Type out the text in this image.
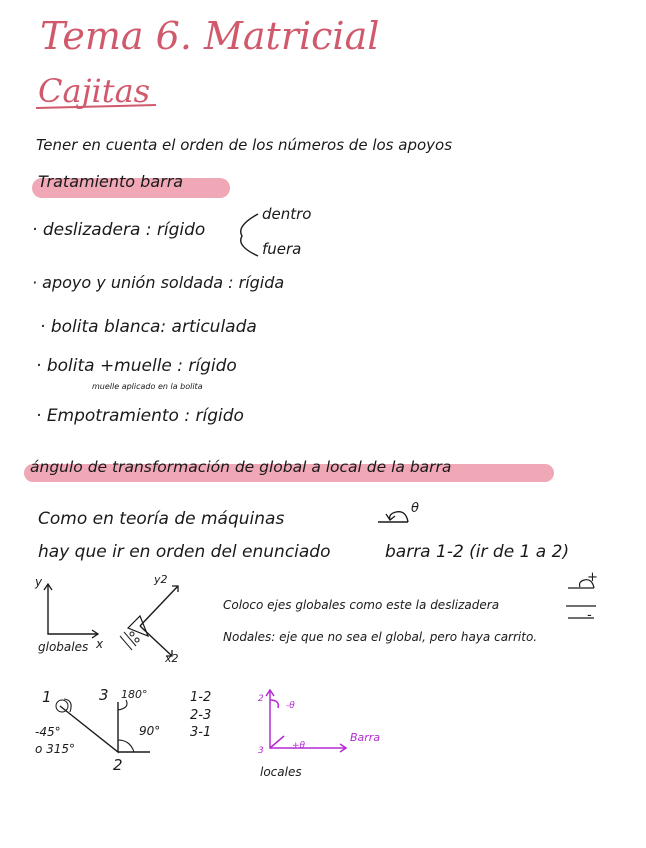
Tema 6. Matricial
Cajitas
Tener en cuenta el orden de los números de los apoyos
Tratamiento barra
· deslizadera : rígido
dentro
fuera
· apoyo y unión soldada : rígida
· bolita blanca: articulada
· bolita +muelle : rígido
muelle aplicado en la bolita
· Empotramiento : rígido
ángulo de transformación de global a local de la barra
Como en teoría de máquinas
θ
hay que ir en orden del enunciado	barra 1-2 (ir de 1 a 2)
y
globales x
y2
x2
Coloco ejes globales como este la deslizadera
+
-
Nodales: eje que no sea el global, pero haya carrito.
1	3 180°
90°
-45°
o 315°
2
1-2
2-3
3-1
2
-θ
3	+θ
Barra
locales
